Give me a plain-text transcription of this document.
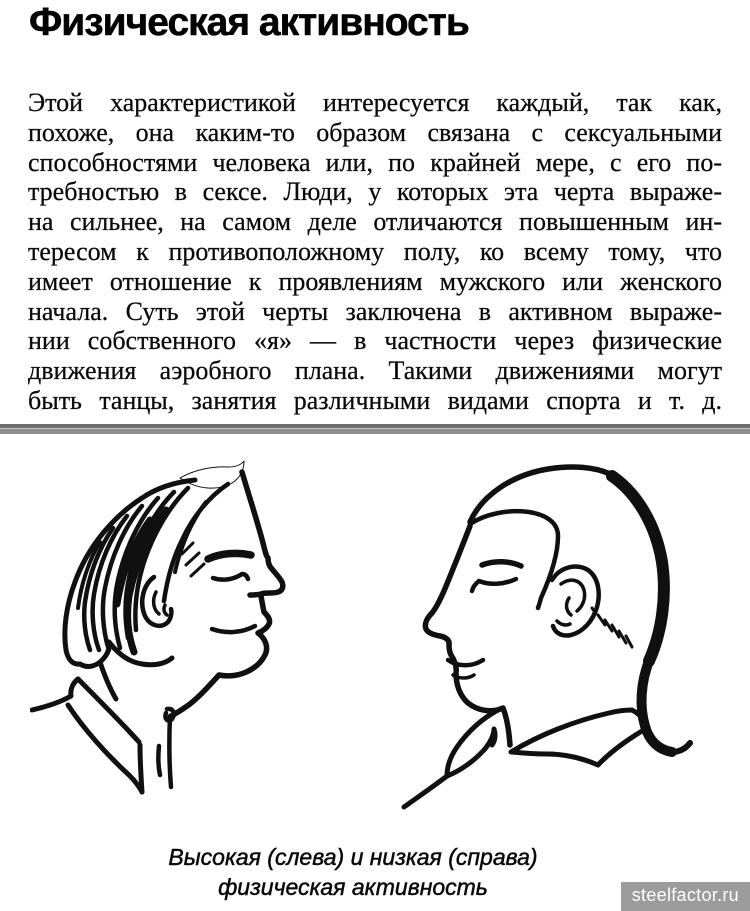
Физическая активность
Этой характеристикой интересуется каждый, так как,
похоже, она каким-то образом связана с сексуальными
способностями человека или, по крайней мере, с его по-
требностью в сексе. Люди, у которых эта черта выраже-
на сильнее, на самом деле отличаются повышенным ин-
тересом к противоположному полу, ко всему тому, что
имеет отношение к проявлениям мужского или женского
начала. Суть этой черты заключена в активном выраже-
нии собственного «я» — в частности через физические
движения аэробного плана. Такими движениями могут
быть танцы, занятия различными видами спорта и т. д.
Высокая (слева) и низкая (справа)
физическая активность	steelfactor.ru
